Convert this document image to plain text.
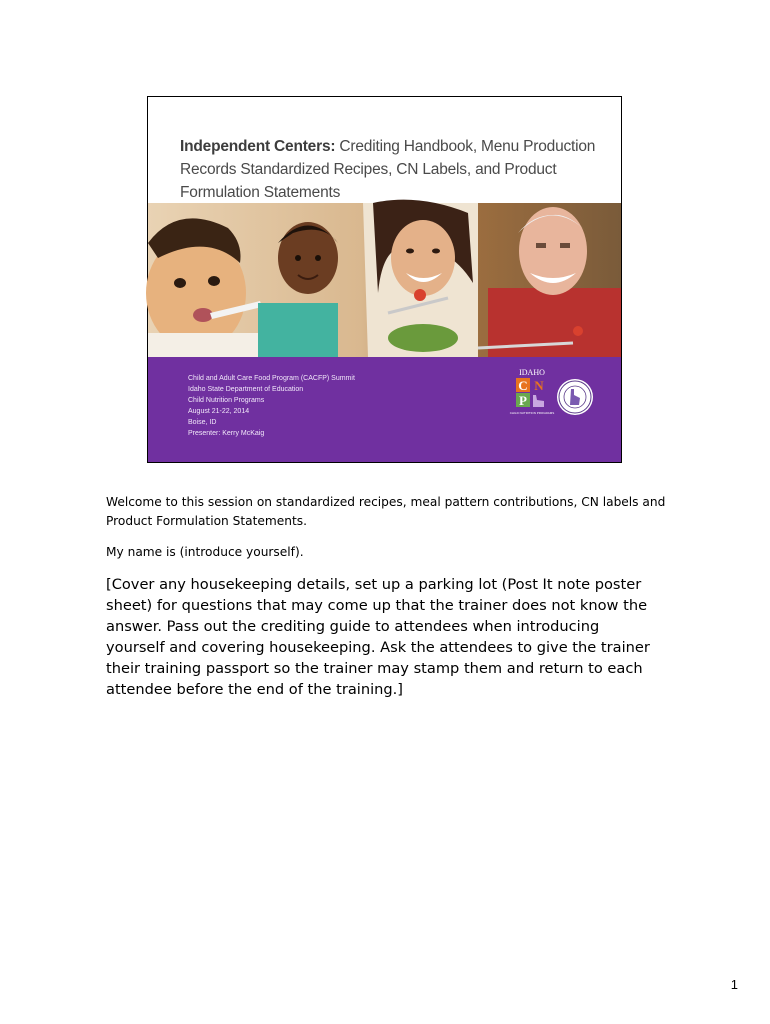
Independent Centers: Crediting Handbook, Menu Production Records Standardized Recipes, CN Labels, and Product Formulation Statements
Child and Adult Care Food Program (CACFP) Summit
Idaho State Department of Education
Child Nutrition Programs
August 21-22, 2014
Boise, ID
Presenter: Kerry McKaig
IDAHO
C N
P
CHILD NUTRITION PROGRAMS

Welcome to this session on standardized recipes, meal pattern contributions, CN labels and Product Formulation Statements.

My name is (introduce yourself).

[Cover any housekeeping details, set up a parking lot (Post It note poster sheet) for questions that may come up that the trainer does not know the answer. Pass out the crediting guide to attendees when introducing yourself and covering housekeeping. Ask the attendees to give the trainer their training passport so the trainer may stamp them and return to each attendee before the end of the training.]

1
